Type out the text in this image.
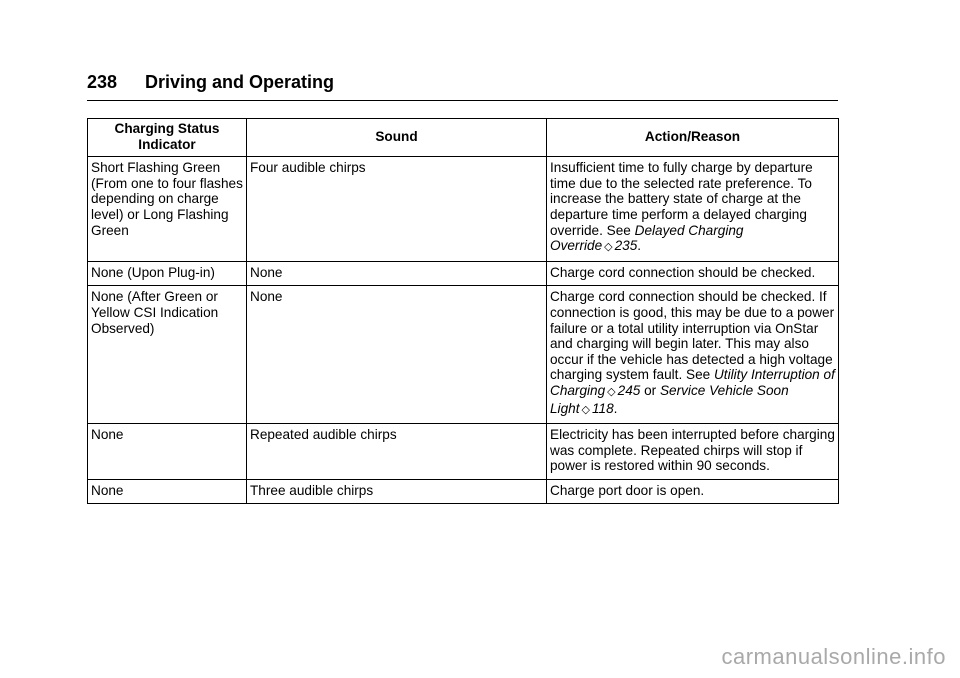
238 Driving and Operating
Charging Status Indicator	Sound	Action/Reason
Short Flashing Green (From one to four flashes depending on charge level) or Long Flashing Green	Four audible chirps	Insufficient time to fully charge by departure time due to the selected rate preference. To increase the battery state of charge at the departure time perform a delayed charging override. See Delayed Charging Override ◇ 235.
None (Upon Plug-in)	None	Charge cord connection should be checked.
None (After Green or Yellow CSI Indication Observed)	None	Charge cord connection should be checked. If connection is good, this may be due to a power failure or a total utility interruption via OnStar and charging will begin later. This may also occur if the vehicle has detected a high voltage charging system fault. See Utility Interruption of Charging ◇ 245 or Service Vehicle Soon Light ◇ 118.
None	Repeated audible chirps	Electricity has been interrupted before charging was complete. Repeated chirps will stop if power is restored within 90 seconds.
None	Three audible chirps	Charge port door is open.
carmanualsonline.info
